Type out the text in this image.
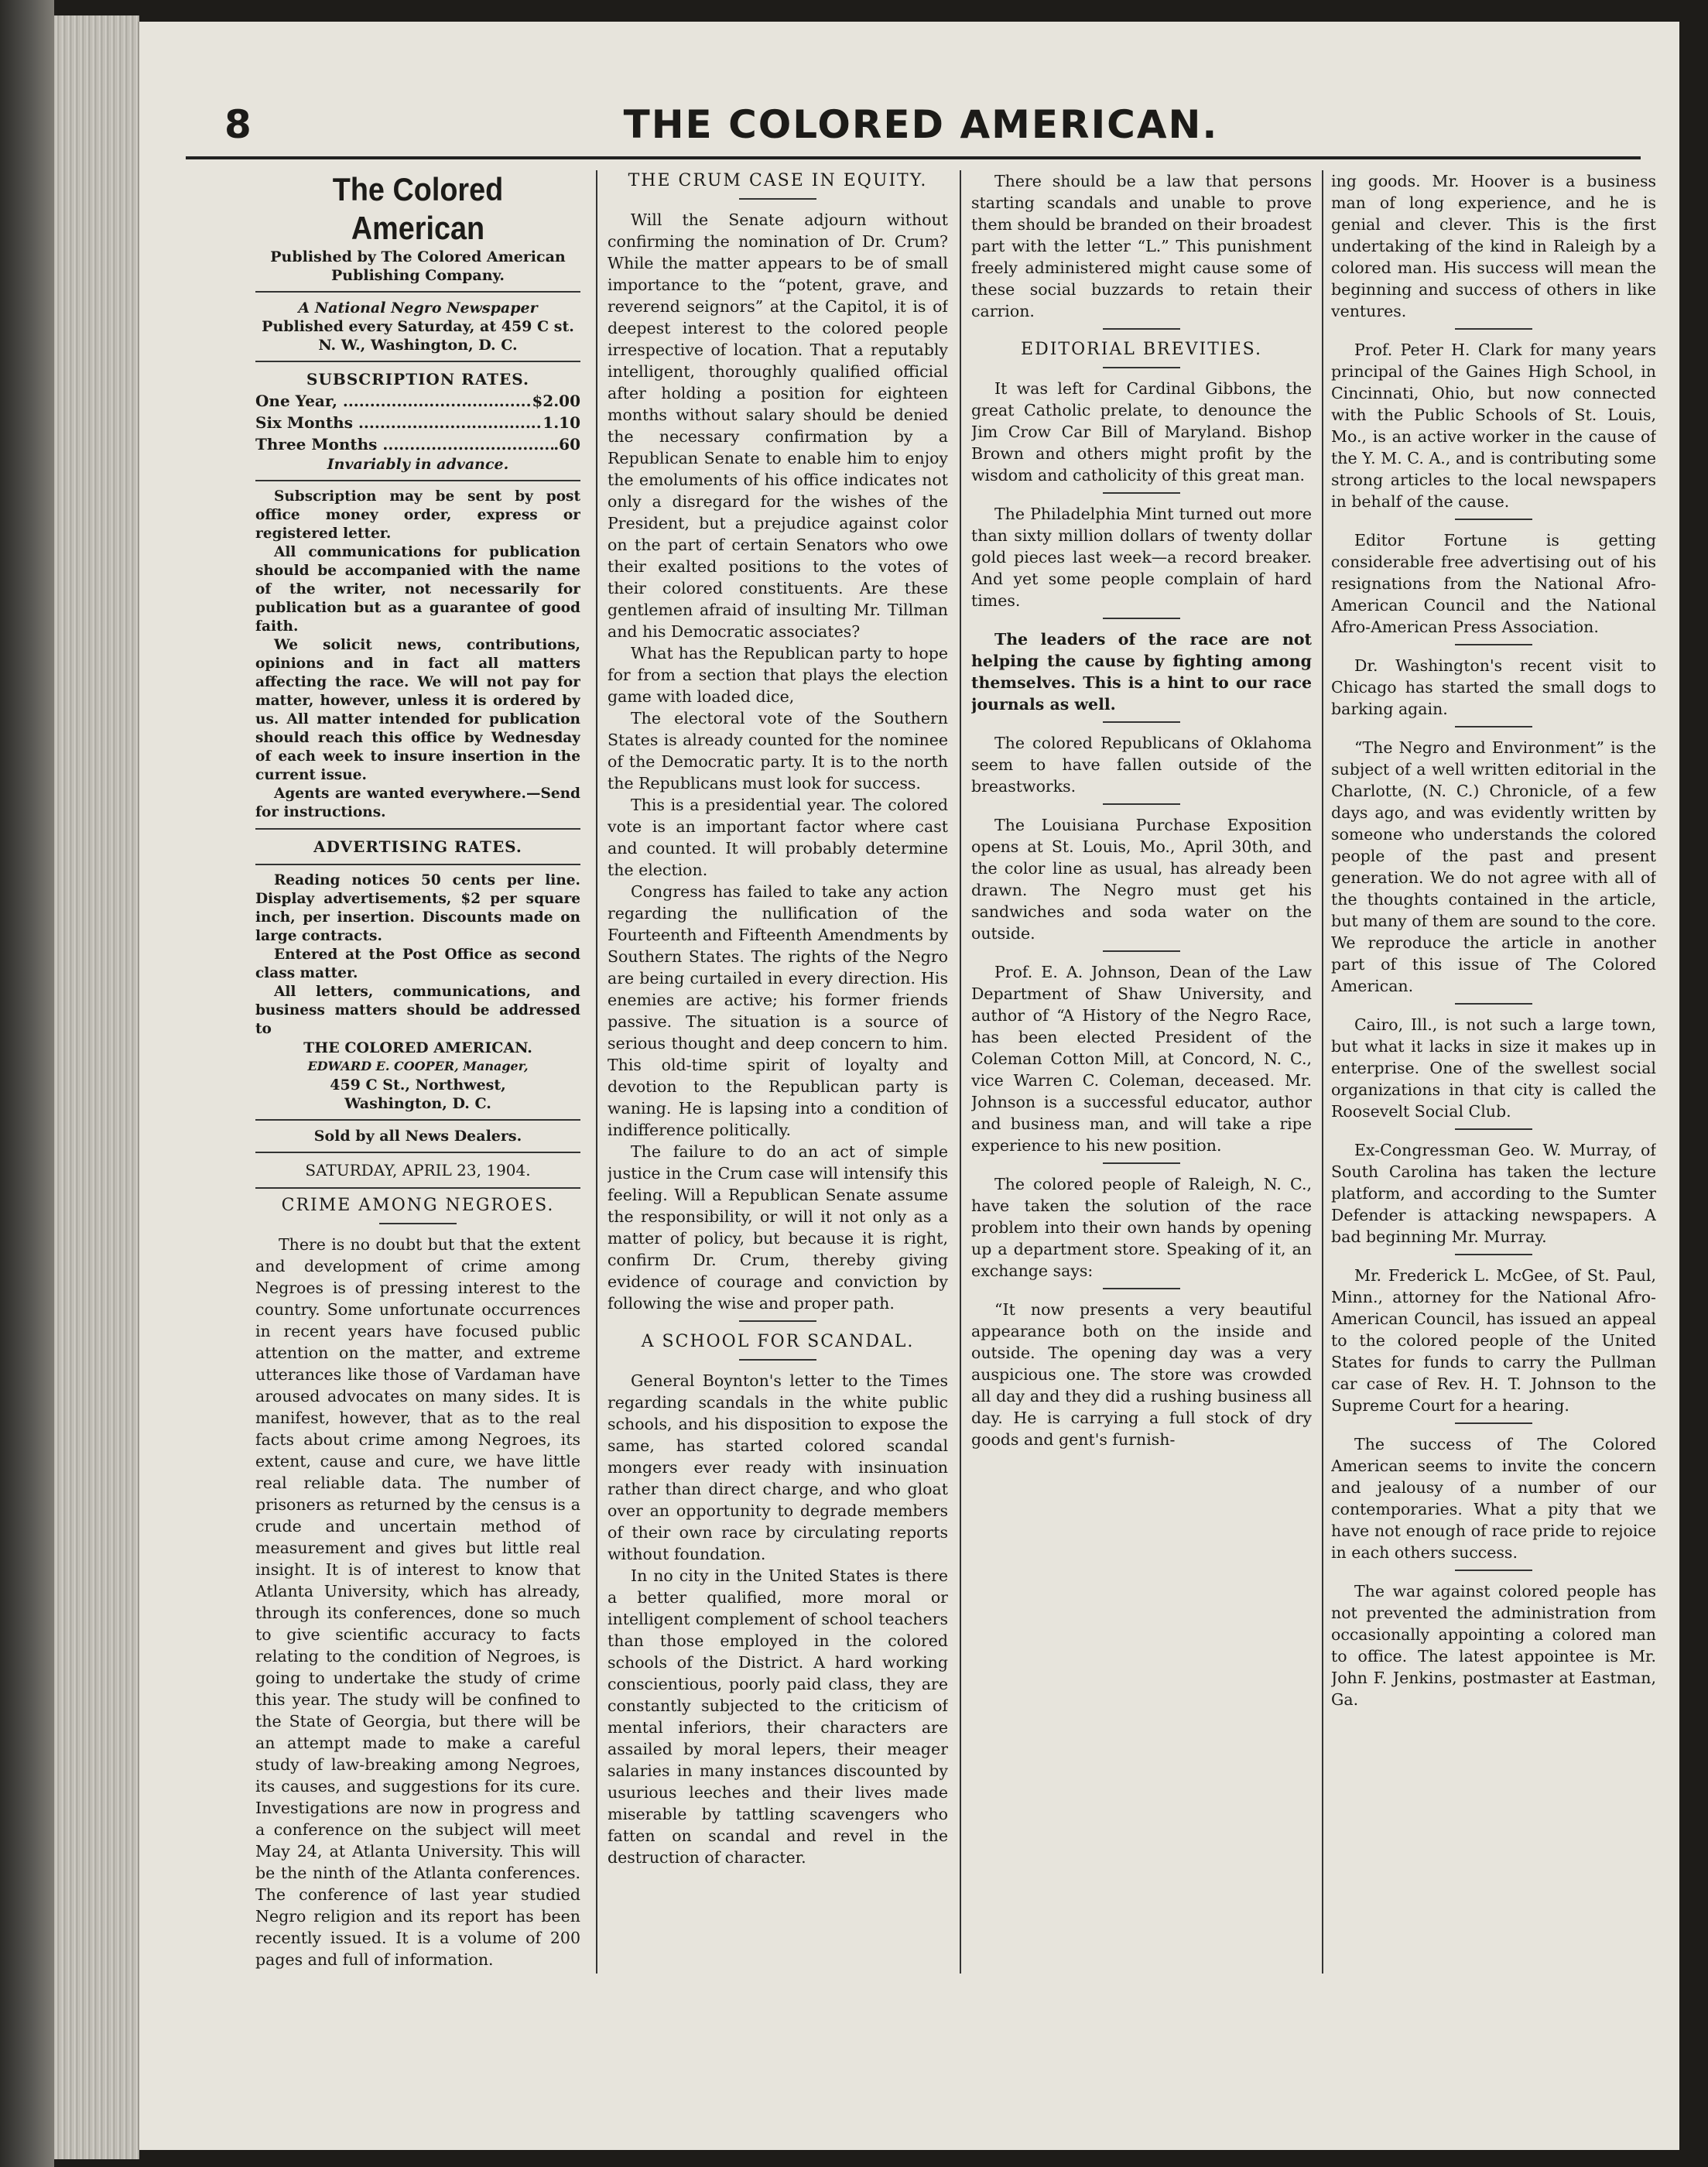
8	THE COLORED AMERICAN.
The Colored American
Published by The Colored American Publishing Company.
A National Negro Newspaper
Published every Saturday, at 459 C st. N. W., Washington, D. C.
SUBSCRIPTION RATES.
One Year, .....	$2.00
Six Months .....	1.10
Three Months .....	.60
Invariably in advance.

Subscription may be sent by post office money order, express or registered letter.

All communications for publication should be accompanied with the name of the writer, not necessarily for publication but as a guarantee of good faith.

We solicit news, contributions, opinions and in fact all matters affecting the race. We will not pay for matter, however, unless it is ordered by us. All matter intended for publication should reach this office by Wednesday of each week to insure insertion in the current issue.

Agents are wanted everywhere.—Send for instructions.

ADVERTISING RATES.

Reading notices 50 cents per line. Display advertisements, $2 per square inch, per insertion. Discounts made on large contracts.

Entered at the Post Office as second class matter.

All letters, communications, and business matters should be addressed to

THE COLORED AMERICAN.
EDWARD E. COOPER, Manager,
459 C St., Northwest,
Washington, D. C.
Sold by all News Dealers.
SATURDAY, APRIL 23, 1904.
CRIME AMONG NEGROES.

There is no doubt but that the extent and development of crime among Negroes is of pressing interest to the country. Some unfortunate occurrences in recent years have focused public attention on the matter, and extreme utterances like those of Vardaman have aroused advocates on many sides. It is manifest, however, that as to the real facts about crime among Negroes, its extent, cause and cure, we have little real reliable data. The number of prisoners as returned by the census is a crude and uncertain method of measurement and gives but little real insight. It is of interest to know that Atlanta University, which has already, through its conferences, done so much to give scientific accuracy to facts relating to the condition of Negroes, is going to undertake the study of crime this year. The study will be confined to the State of Georgia, but there will be an attempt made to make a careful study of law-breaking among Negroes, its causes, and suggestions for its cure. Investigations are now in progress and a conference on the subject will meet May 24, at Atlanta University. This will be the ninth of the Atlanta conferences. The conference of last year studied Negro religion and its report has been recently issued. It is a volume of 200 pages and full of information.

THE CRUM CASE IN EQUITY.

Will the Senate adjourn without confirming the nomination of Dr. Crum? While the matter appears to be of small importance to the “potent, grave, and reverend seignors” at the Capitol, it is of deepest interest to the colored people irrespective of location. That a reputably intelligent, thoroughly qualified official after holding a position for eighteen months without salary should be denied the necessary confirmation by a Republican Senate to enable him to enjoy the emoluments of his office indicates not only a disregard for the wishes of the President, but a prejudice against color on the part of certain Senators who owe their exalted positions to the votes of their colored constituents. Are these gentlemen afraid of insulting Mr. Tillman and his Democratic associates?

What has the Republican party to hope for from a section that plays the election game with loaded dice,

The electoral vote of the Southern States is already counted for the nominee of the Democratic party. It is to the north the Republicans must look for success.

This is a presidential year. The colored vote is an important factor where cast and counted. It will probably determine the election.

Congress has failed to take any action regarding the nullification of the Fourteenth and Fifteenth Amendments by Southern States. The rights of the Negro are being curtailed in every direction. His enemies are active; his former friends passive. The situation is a source of serious thought and deep concern to him. This old-time spirit of loyalty and devotion to the Republican party is waning. He is lapsing into a condition of indifference politically.

The failure to do an act of simple justice in the Crum case will intensify this feeling. Will a Republican Senate assume the responsibility, or will it not only as a matter of policy, but because it is right, confirm Dr. Crum, thereby giving evidence of courage and conviction by following the wise and proper path.

A SCHOOL FOR SCANDAL.

General Boynton's letter to the Times regarding scandals in the white public schools, and his disposition to expose the same, has started colored scandal mongers ever ready with insinuation rather than direct charge, and who gloat over an opportunity to degrade members of their own race by circulating reports without foundation.

In no city in the United States is there a better qualified, more moral or intelligent complement of school teachers than those employed in the colored schools of the District. A hard working conscientious, poorly paid class, they are constantly subjected to the criticism of mental inferiors, their characters are assailed by moral lepers, their meager salaries in many instances discounted by usurious leeches and their lives made miserable by tattling scavengers who fatten on scandal and revel in the destruction of character.

There should be a law that persons starting scandals and unable to prove them should be branded on their broadest part with the letter “L.” This punishment freely administered might cause some of these social buzzards to retain their carrion.

EDITORIAL BREVITIES.

It was left for Cardinal Gibbons, the great Catholic prelate, to denounce the Jim Crow Car Bill of Maryland. Bishop Brown and others might profit by the wisdom and catholicity of this great man.

The Philadelphia Mint turned out more than sixty million dollars of twenty dollar gold pieces last week—a record breaker. And yet some people complain of hard times.

The leaders of the race are not helping the cause by fighting among themselves. This is a hint to our race journals as well.

The colored Republicans of Oklahoma seem to have fallen outside of the breastworks.

The Louisiana Purchase Exposition opens at St. Louis, Mo., April 30th, and the color line as usual, has already been drawn. The Negro must get his sandwiches and soda water on the outside.

Prof. E. A. Johnson, Dean of the Law Department of Shaw University, and author of “A History of the Negro Race, has been elected President of the Coleman Cotton Mill, at Concord, N. C., vice Warren C. Coleman, deceased. Mr. Johnson is a successful educator, author and business man, and will take a ripe experience to his new position.

The colored people of Raleigh, N. C., have taken the solution of the race problem into their own hands by opening up a department store. Speaking of it, an exchange says:

“It now presents a very beautiful appearance both on the inside and outside. The opening day was a very auspicious one. The store was crowded all day and they did a rushing business all day. He is carrying a full stock of dry goods and gent's furnish-

ing goods. Mr. Hoover is a business man of long experience, and he is genial and clever. This is the first undertaking of the kind in Raleigh by a colored man. His success will mean the beginning and success of others in like ventures.

Prof. Peter H. Clark for many years principal of the Gaines High School, in Cincinnati, Ohio, but now connected with the Public Schools of St. Louis, Mo., is an active worker in the cause of the Y. M. C. A., and is contributing some strong articles to the local newspapers in behalf of the cause.

Editor Fortune is getting considerable free advertising out of his resignations from the National Afro-American Council and the National Afro-American Press Association.

Dr. Washington's recent visit to Chicago has started the small dogs to barking again.

“The Negro and Environment” is the subject of a well written editorial in the Charlotte, (N. C.) Chronicle, of a few days ago, and was evidently written by someone who understands the colored people of the past and present generation. We do not agree with all of the thoughts contained in the article, but many of them are sound to the core. We reproduce the article in another part of this issue of The Colored American.

Cairo, Ill., is not such a large town, but what it lacks in size it makes up in enterprise. One of the swellest social organizations in that city is called the Roosevelt Social Club.

Ex-Congressman Geo. W. Murray, of South Carolina has taken the lecture platform, and according to the Sumter Defender is attacking newspapers. A bad beginning Mr. Murray.

Mr. Frederick L. McGee, of St. Paul, Minn., attorney for the National Afro-American Council, has issued an appeal to the colored people of the United States for funds to carry the Pullman car case of Rev. H. T. Johnson to the Supreme Court for a hearing.

The success of The Colored American seems to invite the concern and jealousy of a number of our contemporaries. What a pity that we have not enough of race pride to rejoice in each others success.

The war against colored people has not prevented the administration from occasionally appointing a colored man to office. The latest appointee is Mr. John F. Jenkins, postmaster at Eastman, Ga.
